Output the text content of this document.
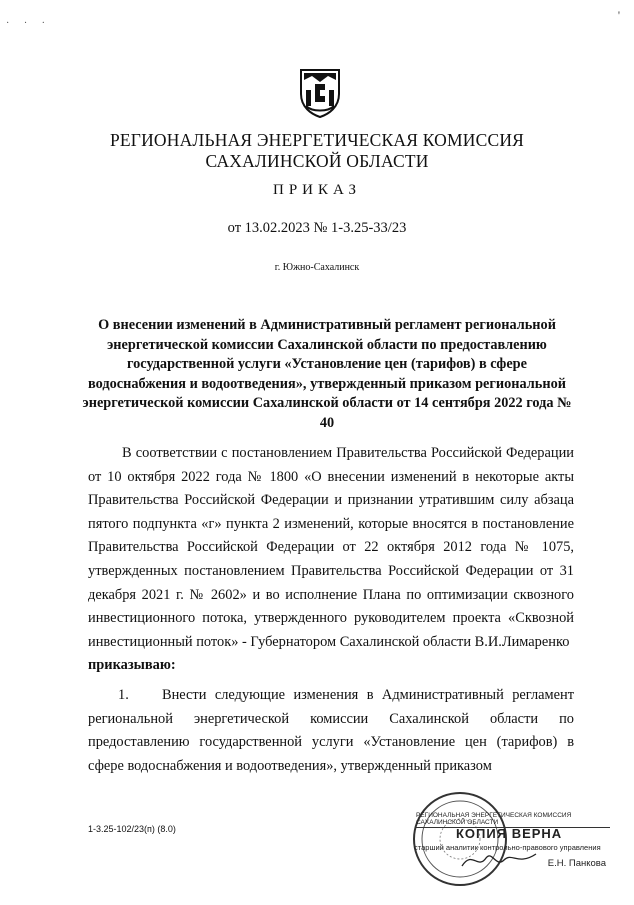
· · ·
'
РЕГИОНАЛЬНАЯ ЭНЕРГЕТИЧЕСКАЯ КОМИССИЯ
САХАЛИНСКОЙ ОБЛАСТИ
ПРИКАЗ
от 13.02.2023 № 1-3.25-33/23
г. Южно-Сахалинск
О внесении изменений в Административный регламент региональной энергетической комиссии Сахалинской области по предоставлению государственной услуги «Установление цен (тарифов) в сфере водоснабжения и водоотведения», утвержденный приказом региональной энергетической комиссии Сахалинской области от 14 сентября 2022 года № 40

В соответствии с постановлением Правительства Российской Федерации от 10 октября 2022 года № 1800 «О внесении изменений в некоторые акты Правительства Российской Федерации и признании утратившим силу абзаца пятого подпункта «г» пункта 2 изменений, которые вносятся в постановление Правительства Российской Федерации от 22 октября 2012 года № 1075, утвержденных постановлением Правительства Российской Федерации от 31 декабря 2021 г. № 2602» и во исполнение Плана по оптимизации сквозного инвестиционного потока, утвержденного руководителем проекта «Сквозной инвестиционный поток» - Губернатором Сахалинской области В.И.Лимаренко

приказываю:

1. Внести следующие изменения в Административный регламент региональной энергетической комиссии Сахалинской области по предоставлению государственной услуги «Установление цен (тарифов) в сфере водоснабжения и водоотведения», утвержденный приказом

1-3.25-102/23(п) (8.0)
РЕГИОНАЛЬНАЯ ЭНЕРГЕТИЧЕСКАЯ КОМИССИЯ САХАЛИНСКОЙ ОБЛАСТИ
КОПИЯ ВЕРНА
старший аналитик контрольно-правового управления
Е.Н. Панкова
